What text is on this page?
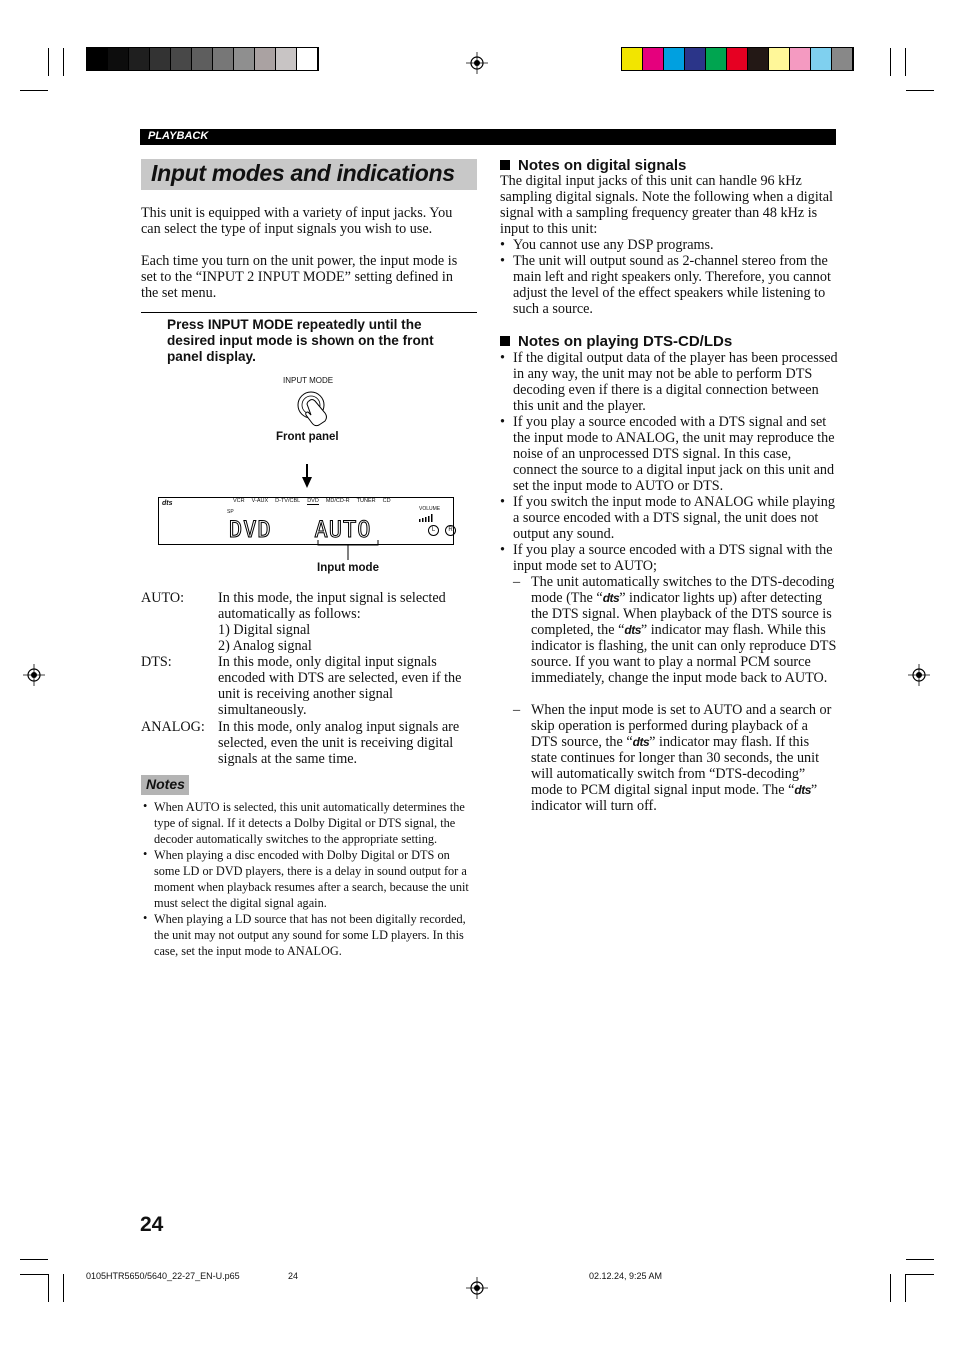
PLAYBACK
Input modes and indications

This unit is equipped with a variety of input jacks. You can select the type of input signals you wish to use.

Each time you turn on the unit power, the input mode is set to the “INPUT 2 INPUT MODE” setting defined in the set menu.

Press INPUT MODE repeatedly until the desired input mode is shown on the front panel display.
INPUT MODE
Front panel
dts	VCR V-AUX D-TV/CBL DVD MD/CD-R TUNER CD
SP	VOLUME
DVD   AUTO	L	R
Input mode
AUTO: In this mode, the input signal is selected automatically as follows:
1) Digital signal
2) Analog signal
DTS:	In this mode, only digital input signals encoded with DTS are selected, even if the unit is receiving another signal simultaneously.
ANALOG: In this mode, only analog input signals are selected, even the unit is receiving digital signals at the same time.
Notes
• When AUTO is selected, this unit automatically determines the type of signal. If it detects a Dolby Digital or DTS signal, the decoder automatically switches to the appropriate setting.

• When playing a disc encoded with Dolby Digital or DTS on some LD or DVD players, there is a delay in sound output for a moment when playback resumes after a search, because the unit must select the digital signal again.

• When playing a LD source that has not been digitally recorded, the unit may not output any sound for some LD players. In this case, set the input mode to ANALOG.

Notes on digital signals

The digital input jacks of this unit can handle 96 kHz sampling digital signals. Note the following when a digital signal with a sampling frequency greater than 48 kHz is input to this unit:

• You cannot use any DSP programs.

• The unit will output sound as 2-channel stereo from the main left and right speakers only. Therefore, you cannot adjust the level of the effect speakers while listening to such a source.

Notes on playing DTS-CD/LDs
• If the digital output data of the player has been processed in any way, the unit may not be able to perform DTS decoding even if there is a digital connection between this unit and the player.

• If you play a source encoded with a DTS signal and set the input mode to ANALOG, the unit may reproduce the noise of an unprocessed DTS signal. In this case, connect the source to a digital input jack on this unit and set the input mode to AUTO or DTS.

• If you switch the input mode to ANALOG while playing a source encoded with a DTS signal, the unit does not output any sound.

• If you play a source encoded with a DTS signal with the input mode set to AUTO;

– The unit automatically switches to the DTS-decoding mode (The “dts” indicator lights up) after detecting the DTS signal. When playback of the DTS source is completed, the “dts” indicator may flash. While this indicator is flashing, the unit can only reproduce DTS source. If you want to play a normal PCM source immediately, change the input mode back to AUTO.

– When the input mode is set to AUTO and a search or skip operation is performed during playback of a DTS source, the “dts” indicator may flash. If this state continues for longer than 30 seconds, the unit will automatically switch from “DTS-decoding” mode to PCM digital signal input mode. The “dts” indicator will turn off.

24
0105HTR5650/5640_22-27_EN-U.p65	24	02.12.24, 9:25 AM
